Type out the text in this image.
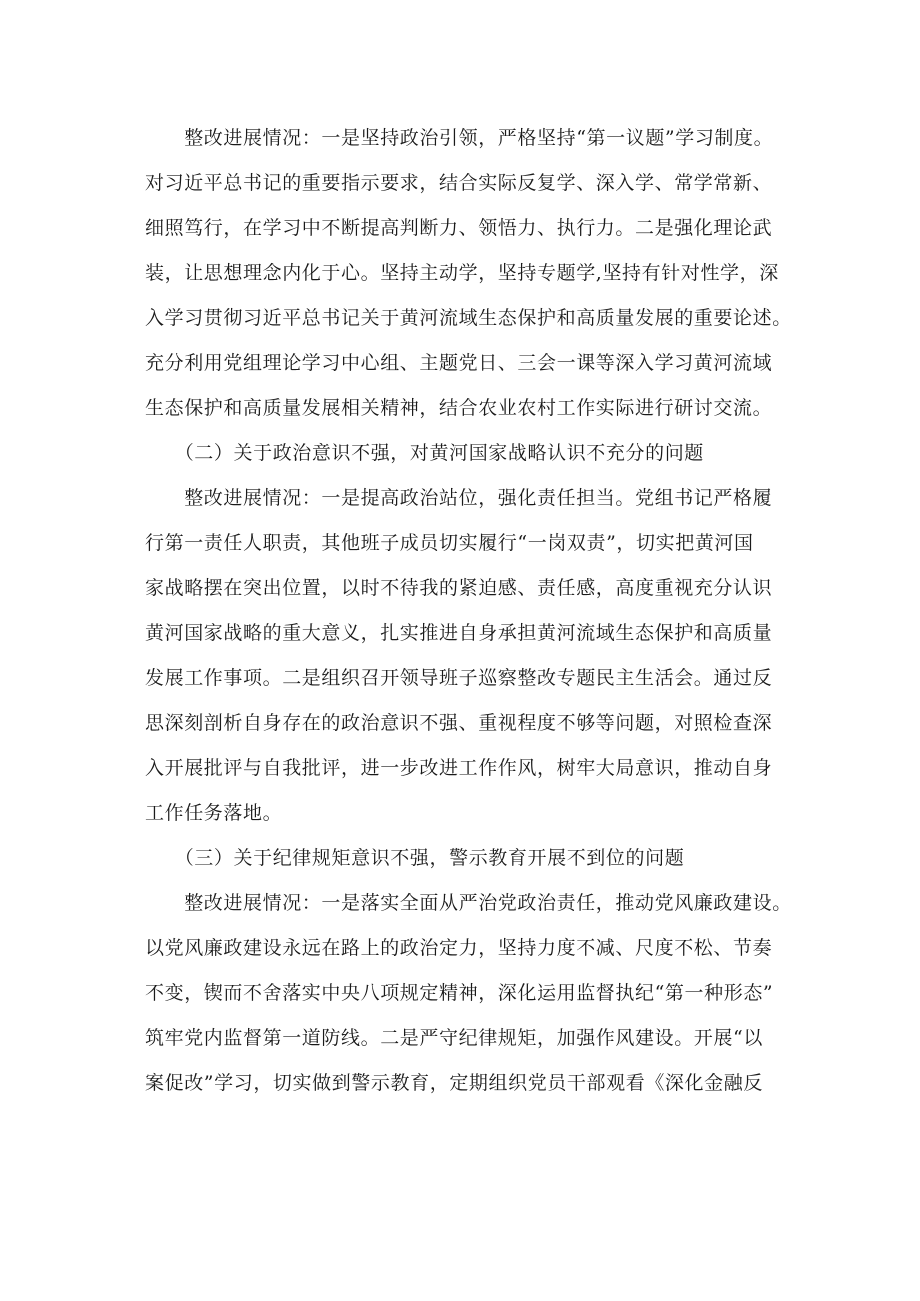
　　整改进展情况：一是坚持政治引领，严格坚持“第一议题”学习制度。
对习近平总书记的重要指示要求，结合实际反复学、深入学、常学常新、
细照笃行，在学习中不断提高判断力、领悟力、执行力。二是强化理论武
装，让思想理念内化于心。坚持主动学，坚持专题学,坚持有针对性学，深
入学习贯彻习近平总书记关于黄河流域生态保护和高质量发展的重要论述。
充分利用党组理论学习中心组、主题党日、三会一课等深入学习黄河流域
生态保护和高质量发展相关精神，结合农业农村工作实际进行研讨交流。
　　（二）关于政治意识不强，对黄河国家战略认识不充分的问题
　　整改进展情况：一是提高政治站位，强化责任担当。党组书记严格履
行第一责任人职责，其他班子成员切实履行“一岗双责”，切实把黄河国
家战略摆在突出位置，以时不待我的紧迫感、责任感，高度重视充分认识
黄河国家战略的重大意义，扎实推进自身承担黄河流域生态保护和高质量
发展工作事项。二是组织召开领导班子巡察整改专题民主生活会。通过反
思深刻剖析自身存在的政治意识不强、重视程度不够等问题，对照检查深
入开展批评与自我批评，进一步改进工作作风，树牢大局意识，推动自身
工作任务落地。
　　（三）关于纪律规矩意识不强，警示教育开展不到位的问题
　　整改进展情况：一是落实全面从严治党政治责任，推动党风廉政建设。
以党风廉政建设永远在路上的政治定力，坚持力度不减、尺度不松、节奏
不变，锲而不舍落实中央八项规定精神，深化运用监督执纪“第一种形态”
筑牢党内监督第一道防线。二是严守纪律规矩，加强作风建设。开展“以
案促改”学习，切实做到警示教育，定期组织党员干部观看《深化金融反
